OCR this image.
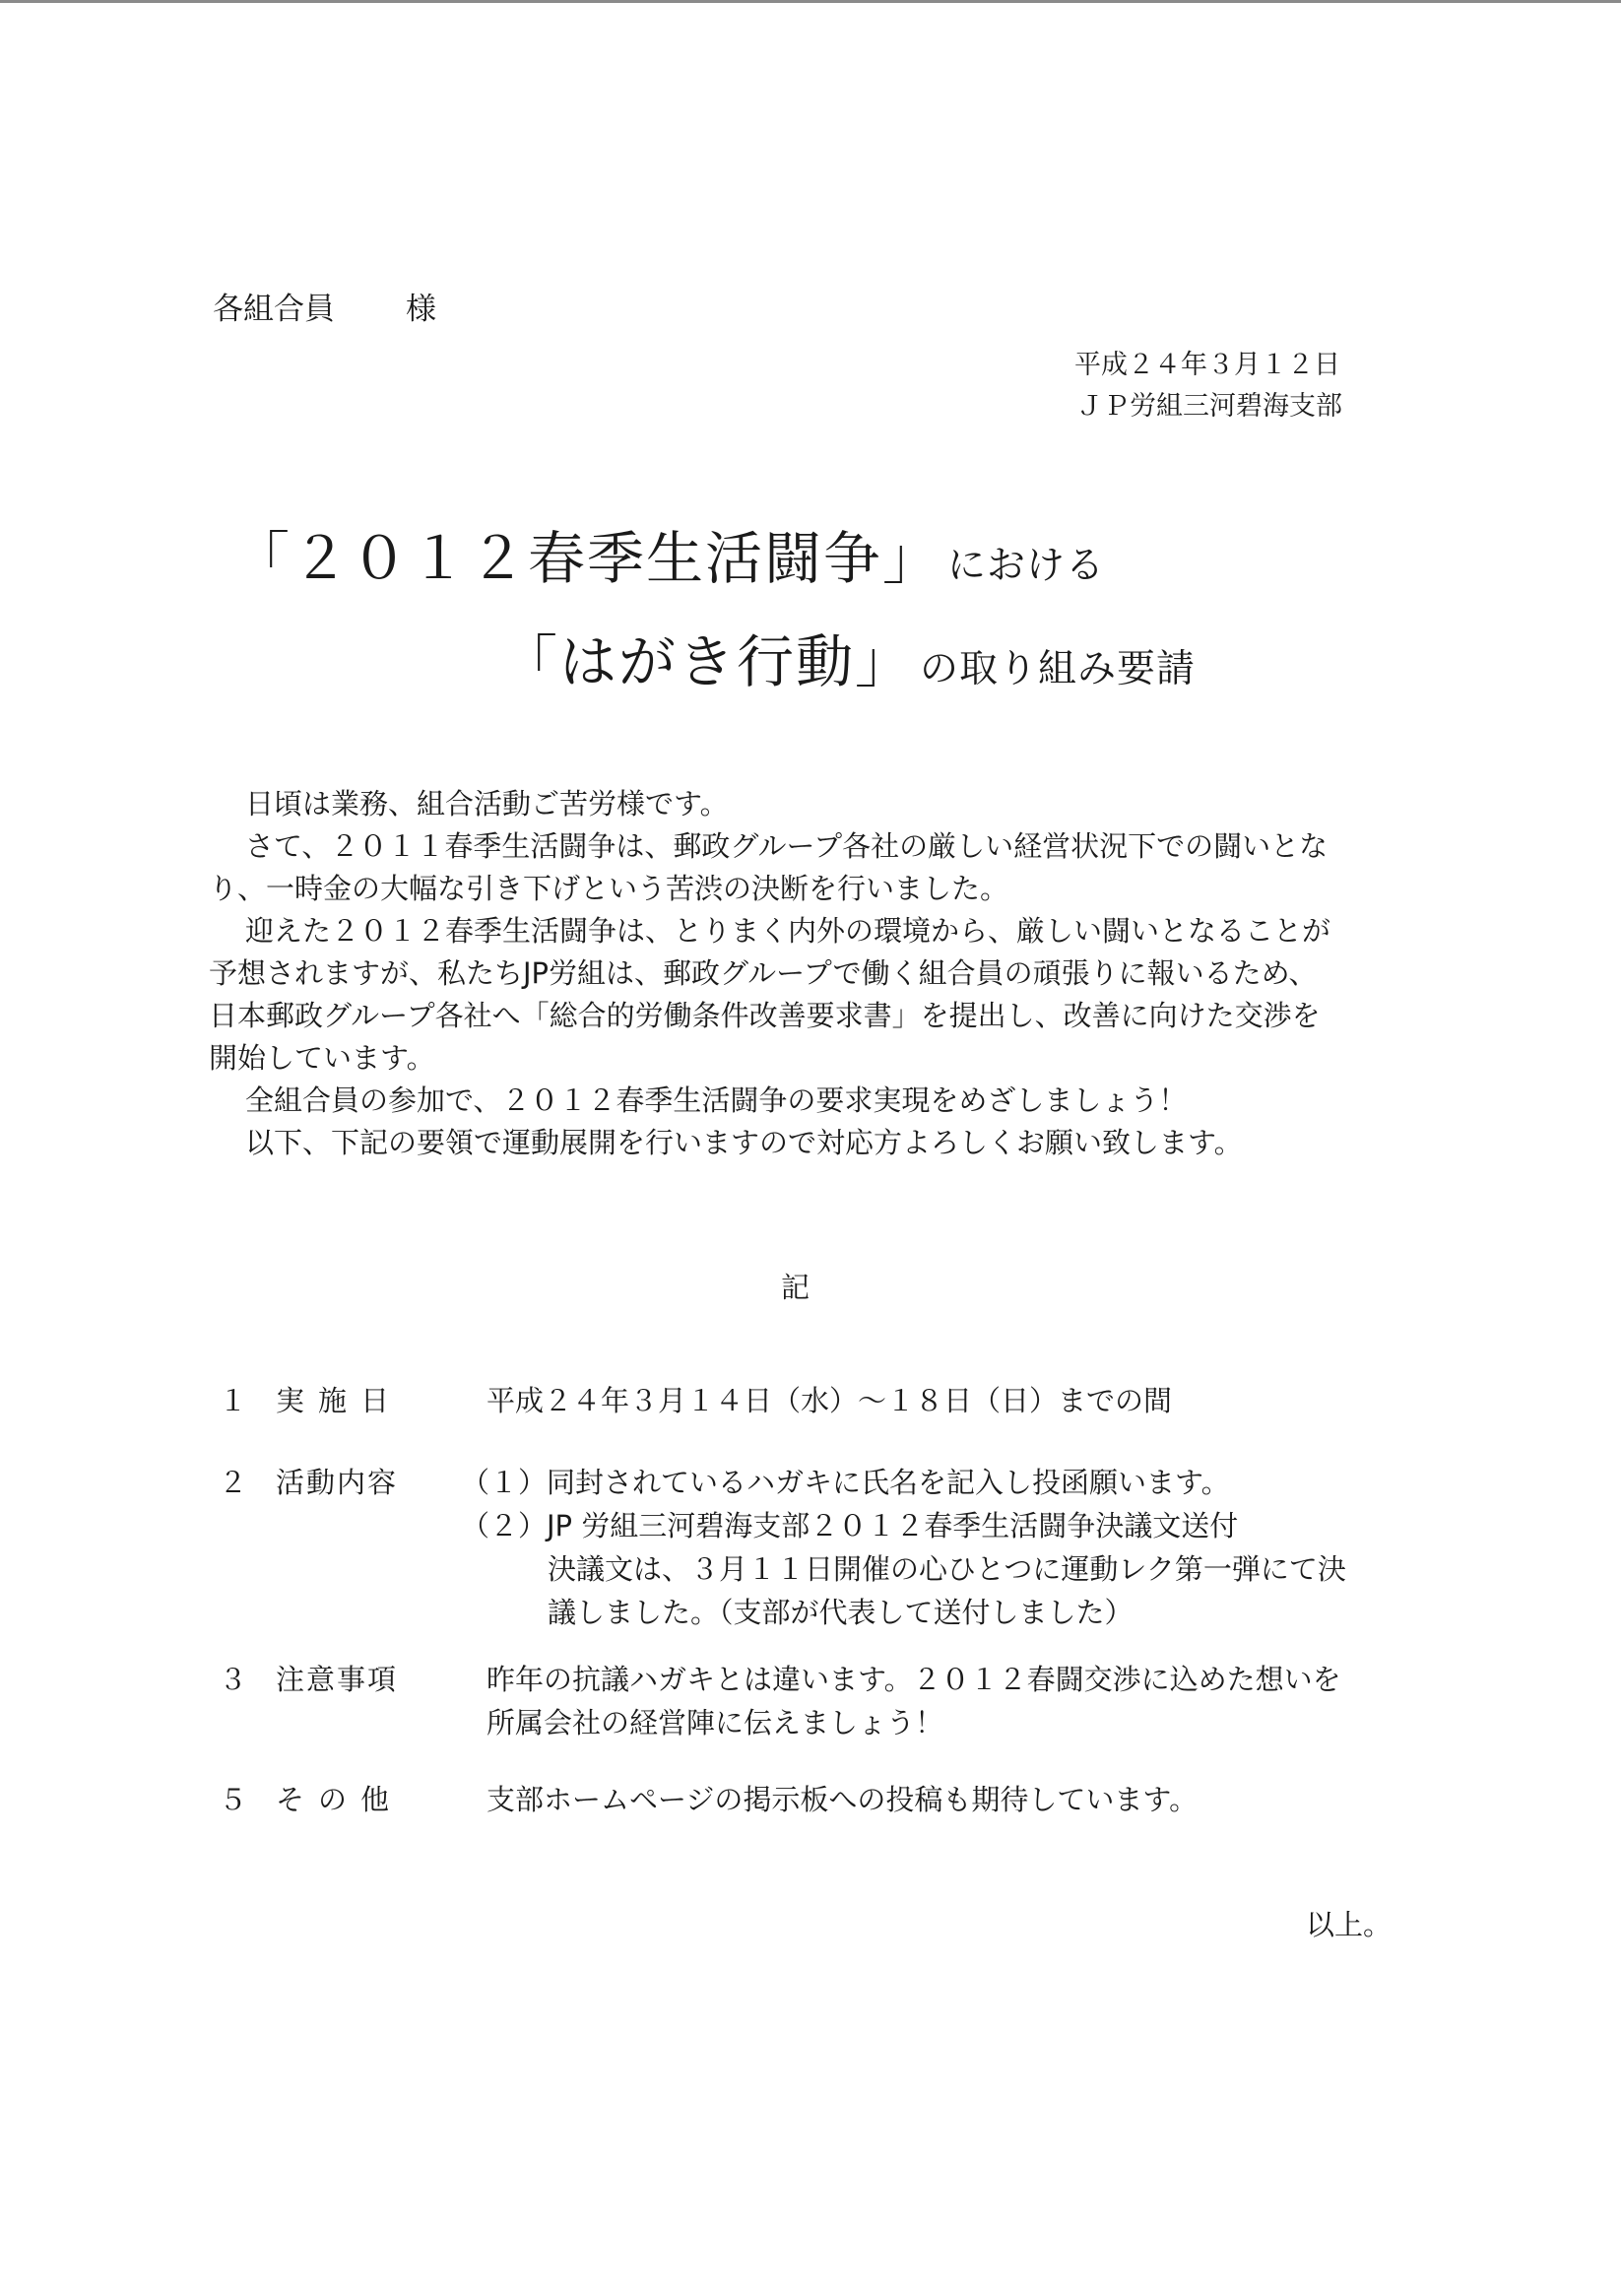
各組合員 様
平成２４年３月１２日
ＪＰ労組三河碧海支部
「２０１２春季生活闘争」 における
「はがき行動」 の取り組み要請

日頃は業務、組合活動ご苦労様です。

さて、２０１１春季生活闘争は、郵政グループ各社の厳しい経営状況下での闘いとな

り、一時金の大幅な引き下げという苦渋の決断を行いました。

迎えた２０１２春季生活闘争は、とりまく内外の環境から、厳しい闘いとなることが

予想されますが、私たちJP労組は、郵政グループで働く組合員の頑張りに報いるため、

日本郵政グループ各社へ「総合的労働条件改善要求書」を提出し、改善に向けた交渉を

開始しています。

全組合員の参加で、２０１２春季生活闘争の要求実現をめざしましょう！

以下、下記の要領で運動展開を行いますので対応方よろしくお願い致します。

記
１ 実施日	平成２４年３月１４日（水）～１８日（日）までの間
２ 活動内容 （１）同封されているハガキに氏名を記入し投函願います。
（２）JP 労組三河碧海支部２０１２春季生活闘争決議文送付
決議文は、３月１１日開催の心ひとつに運動レク第一弾にて決
議しました。（支部が代表して送付しました）
３ 注意事項	昨年の抗議ハガキとは違います。２０１２春闘交渉に込めた想いを
所属会社の経営陣に伝えましょう！
５ その他	支部ホームページの掲示板への投稿も期待しています。
以上。
